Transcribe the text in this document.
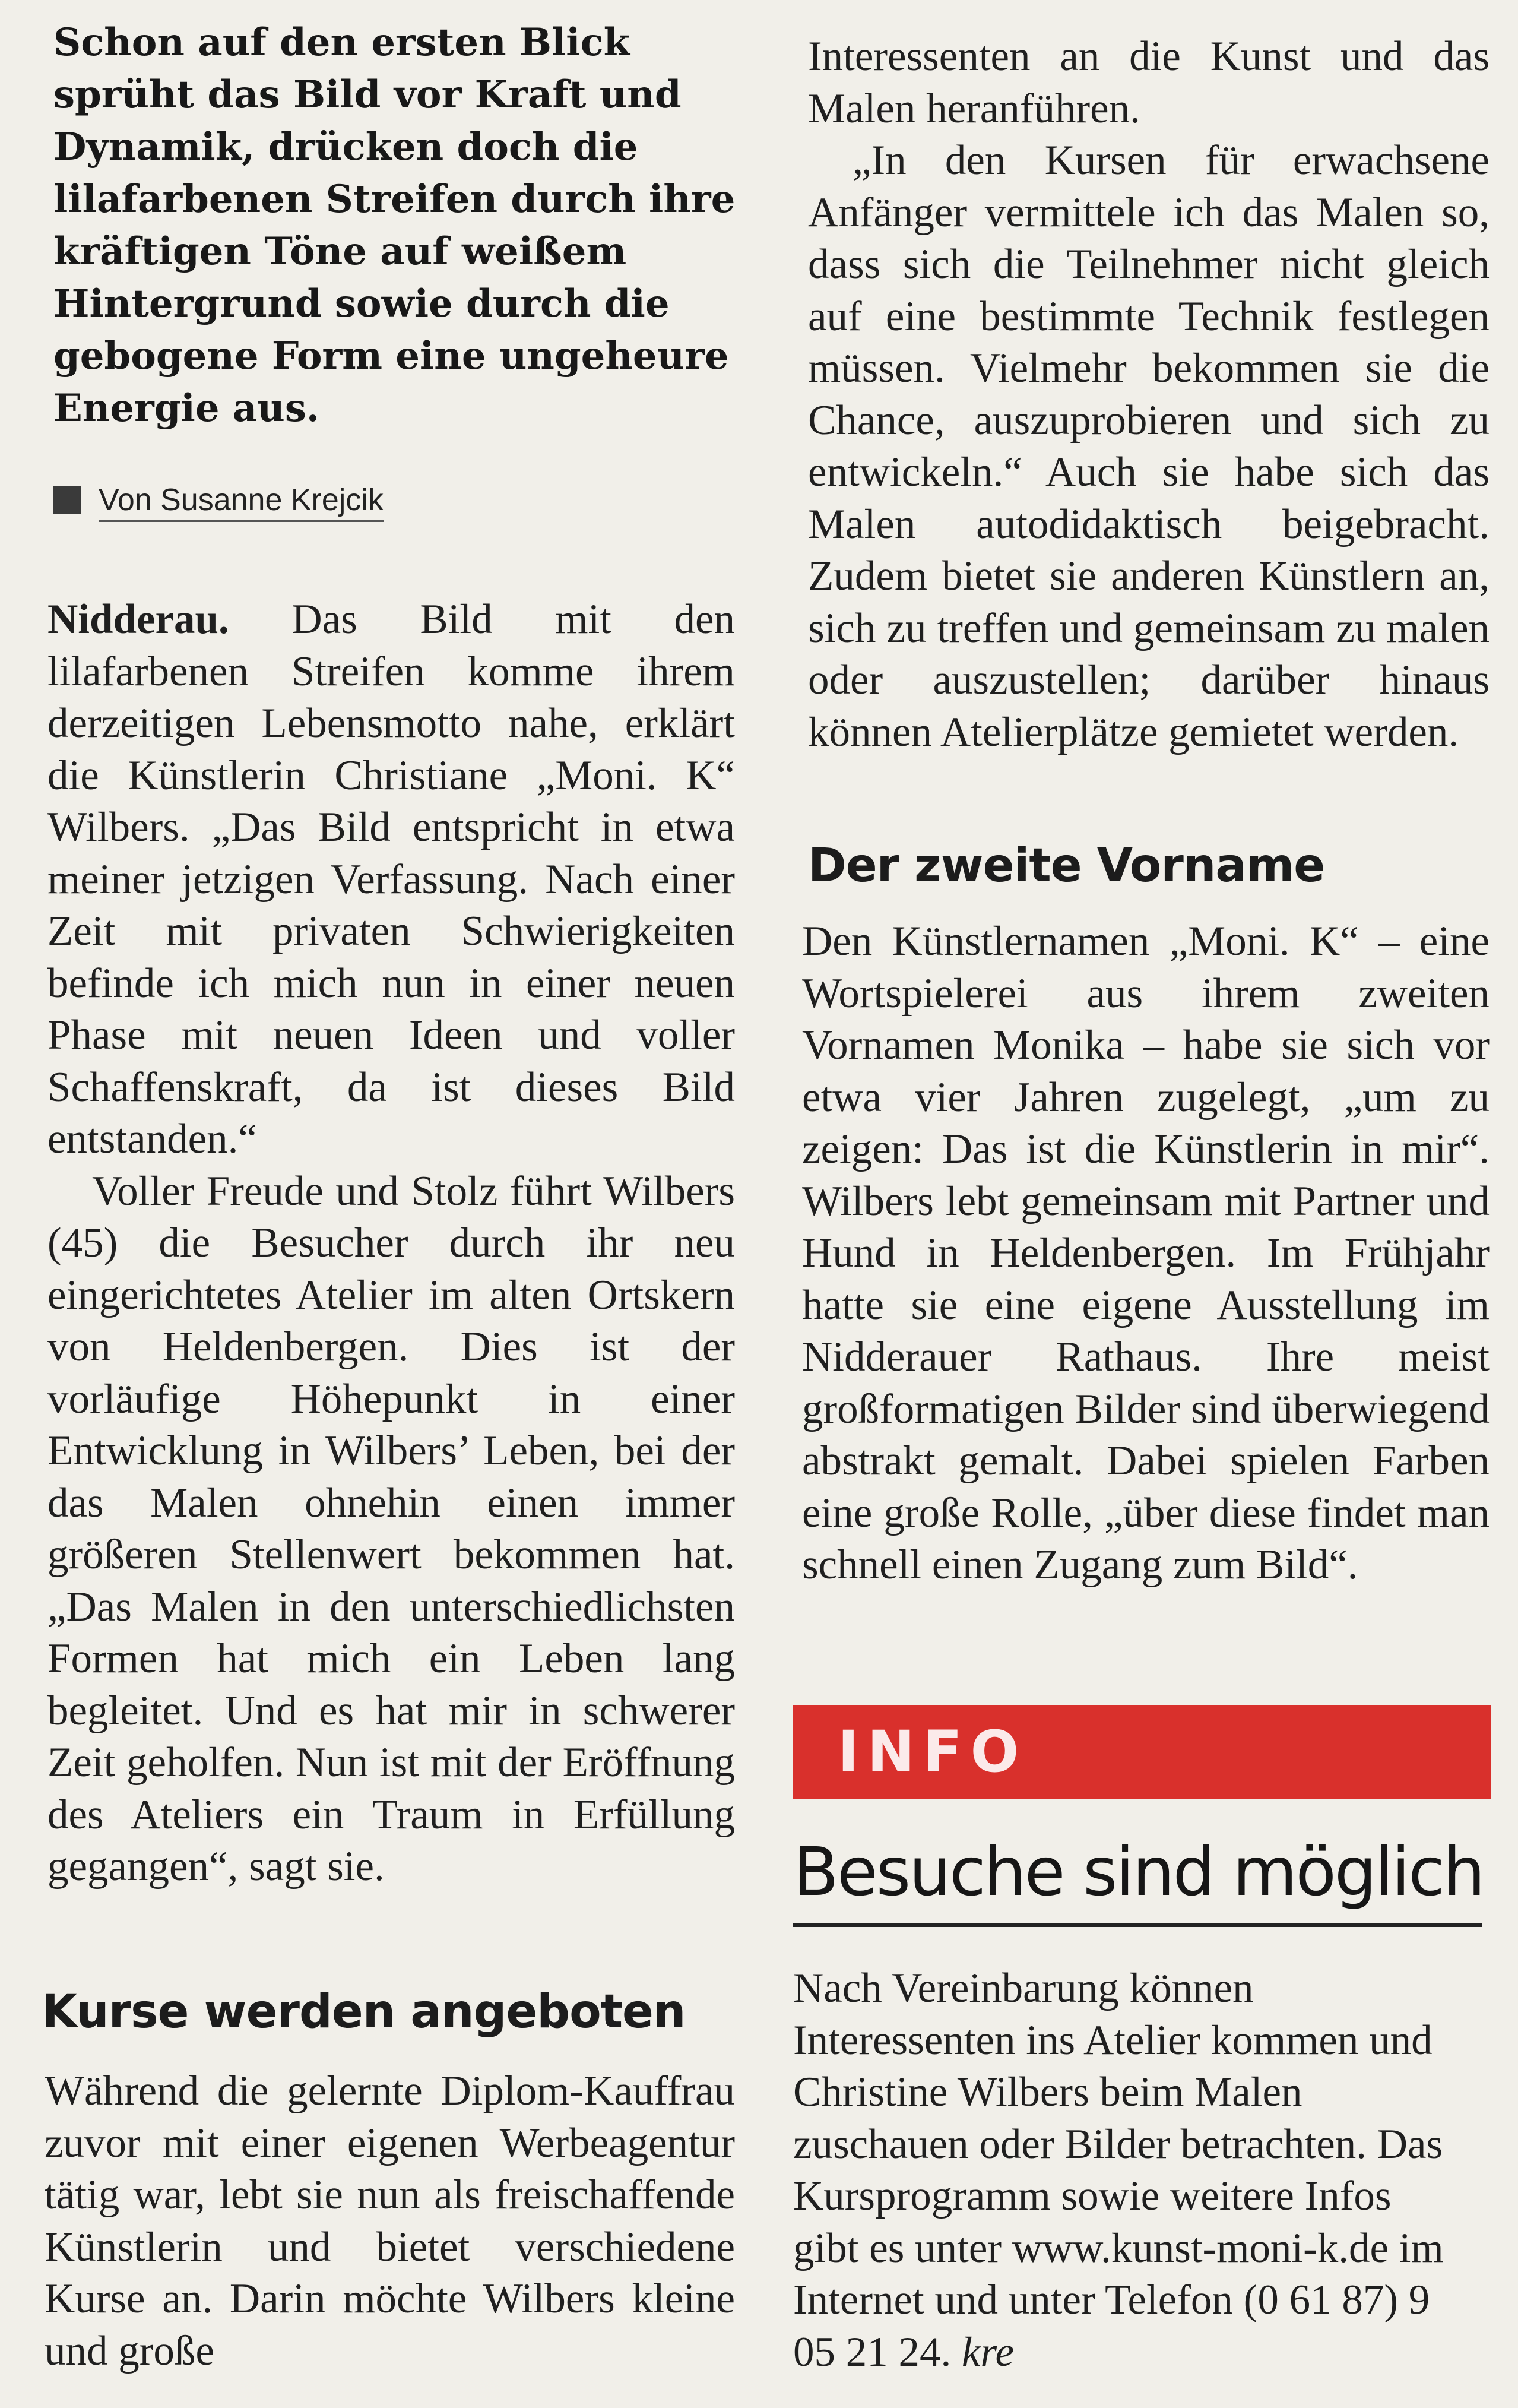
Schon auf den ersten Blick sprüht das Bild vor Kraft und Dynamik, drücken doch die lilafarbenen Streifen durch ihre kräftigen Töne auf weißem Hintergrund sowie durch die gebogene Form eine ungeheure Energie aus.
Von Susanne Krejcik

Nidderau. Das Bild mit den lilafarbenen Streifen komme ihrem derzeitigen Lebensmotto nahe, erklärt die Künstlerin Christiane „Moni. K“ Wilbers. „Das Bild entspricht in etwa meiner jetzigen Verfassung. Nach einer Zeit mit privaten Schwierigkeiten befinde ich mich nun in einer neuen Phase mit neuen Ideen und voller Schaffenskraft, da ist dieses Bild entstanden.“

Voller Freude und Stolz führt Wilbers (45) die Besucher durch ihr neu eingerichtetes Atelier im alten Ortskern von Heldenbergen. Dies ist der vorläufige Höhepunkt in einer Entwicklung in Wilbers’ Leben, bei der das Malen ohnehin einen immer größeren Stellenwert bekommen hat. „Das Malen in den unterschiedlichsten Formen hat mich ein Leben lang begleitet. Und es hat mir in schwerer Zeit geholfen. Nun ist mit der Eröffnung des Ateliers ein Traum in Erfüllung gegangen“, sagt sie.

Kurse werden angeboten

Während die gelernte Diplom-Kauffrau zuvor mit einer eigenen Werbeagentur tätig war, lebt sie nun als freischaffende Künstlerin und bietet verschiedene Kurse an. Darin möchte Wilbers kleine und große

Interessenten an die Kunst und das Malen heranführen.

„In den Kursen für erwachsene Anfänger vermittele ich das Malen so, dass sich die Teilnehmer nicht gleich auf eine bestimmte Technik festlegen müssen. Vielmehr bekommen sie die Chance, auszuprobieren und sich zu entwickeln.“ Auch sie habe sich das Malen autodidaktisch beigebracht. Zudem bietet sie anderen Künstlern an, sich zu treffen und gemeinsam zu malen oder auszustellen; darüber hinaus können Atelierplätze gemietet werden.

Der zweite Vorname

Den Künstlernamen „Moni. K“ – eine Wortspielerei aus ihrem zweiten Vornamen Monika – habe sie sich vor etwa vier Jahren zugelegt, „um zu zeigen: Das ist die Künstlerin in mir“. Wilbers lebt gemeinsam mit Partner und Hund in Heldenbergen. Im Frühjahr hatte sie eine eigene Ausstellung im Nidderauer Rathaus. Ihre meist großformatigen Bilder sind überwiegend abstrakt gemalt. Dabei spielen Farben eine große Rolle, „über diese findet man schnell einen Zugang zum Bild“.

INFO
Besuche sind möglich

Nach Vereinbarung können Interessenten ins Atelier kommen und Christine Wilbers beim Malen zuschauen oder Bilder betrachten. Das Kursprogramm sowie weitere Infos gibt es unter www.kunst-moni-k.de im Internet und unter Telefon (0 61 87) 9 05 21 24. kre
